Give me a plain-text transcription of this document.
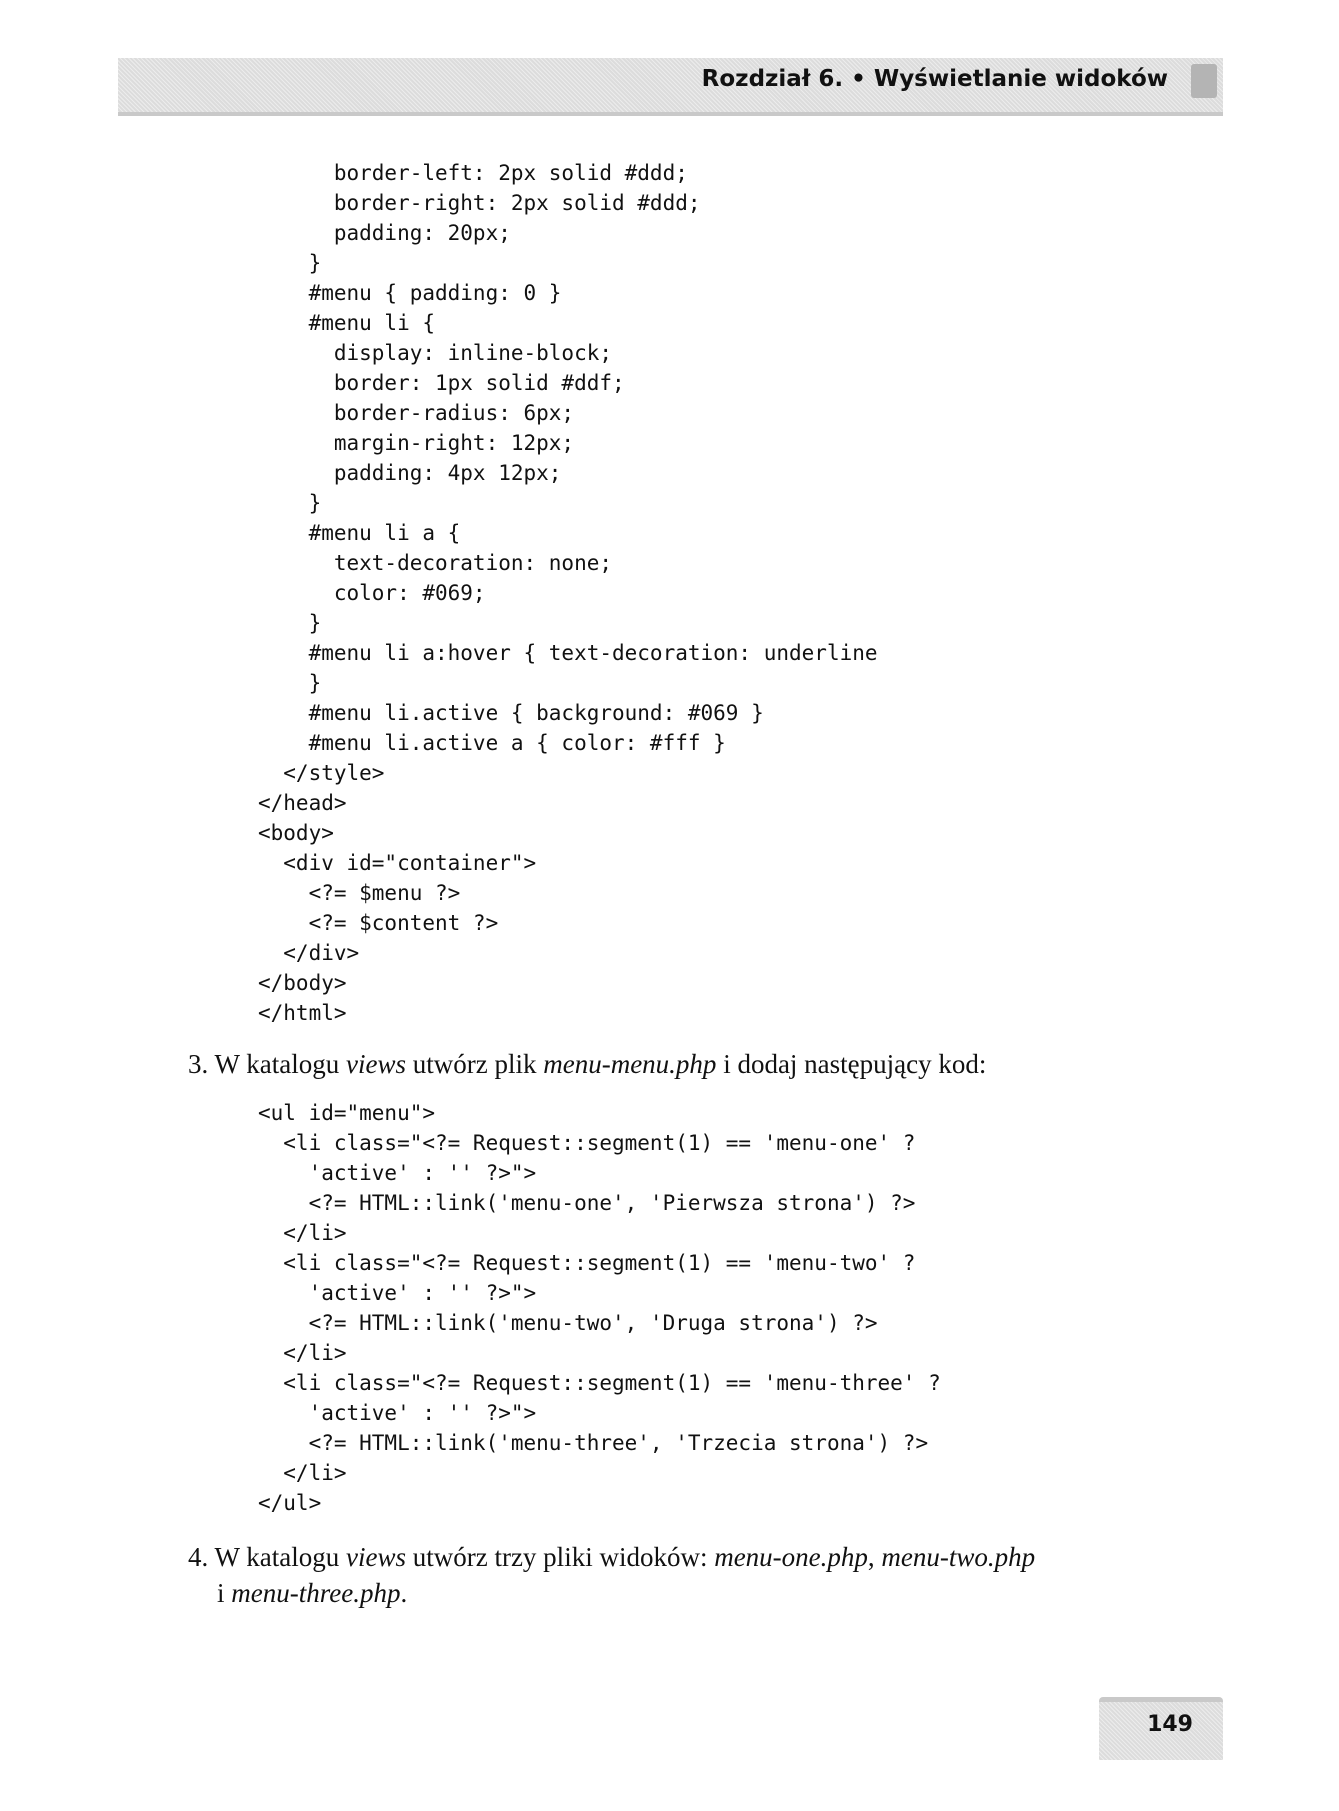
Rozdział 6. • Wyświetlanie widoków
border-left: 2px solid #ddd;
border-right: 2px solid #ddd;
padding: 20px;
}
#menu { padding: 0 }
#menu li {
display: inline-block;
border: 1px solid #ddf;
border-radius: 6px;
margin-right: 12px;
padding: 4px 12px;
}
#menu li a {
text-decoration: none;
color: #069;
}
#menu li a:hover { text-decoration: underline
}
#menu li.active { background: #069 }
#menu li.active a { color: #fff }
</style>
</head>
<body>
<div id="container">
<?= $menu ?>
<?= $content ?>
</div>
</body>
</html>

3. W katalogu views utwórz plik menu-menu.php i dodaj następujący kod:

<ul id="menu">
<li class="<?= Request::segment(1) == 'menu-one' ?
'active' : '' ?>">
<?= HTML::link('menu-one', 'Pierwsza strona') ?>
</li>
<li class="<?= Request::segment(1) == 'menu-two' ?
'active' : '' ?>">
<?= HTML::link('menu-two', 'Druga strona') ?>
</li>
<li class="<?= Request::segment(1) == 'menu-three' ?
'active' : '' ?>">
<?= HTML::link('menu-three', 'Trzecia strona') ?>
</li>
</ul>

4. W katalogu views utwórz trzy pliki widoków: menu-one.php, menu-two.php
i menu-three.php.

149
